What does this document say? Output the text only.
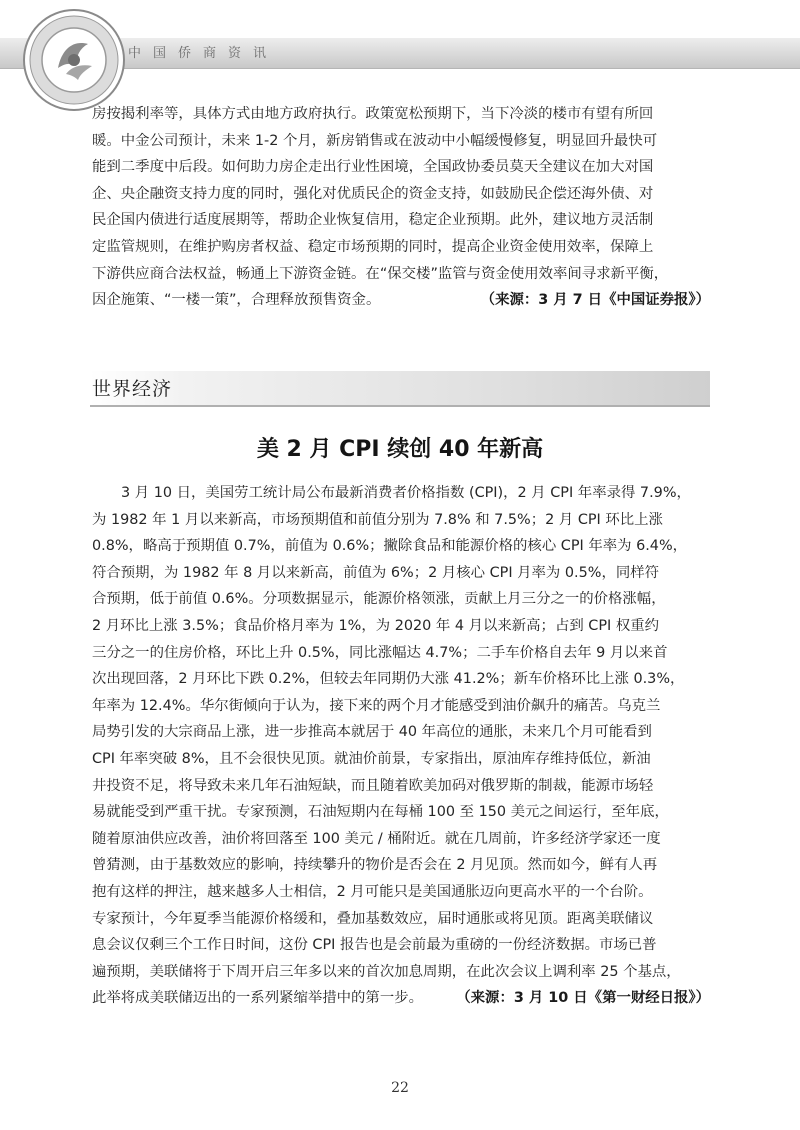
中国侨商资讯
房按揭利率等，具体方式由地方政府执行。政策宽松预期下，当下冷淡的楼市有望有所回
暖。中金公司预计，未来 1-2 个月，新房销售或在波动中小幅缓慢修复，明显回升最快可
能到二季度中后段。如何助力房企走出行业性困境，全国政协委员莫天全建议在加大对国
企、央企融资支持力度的同时，强化对优质民企的资金支持，如鼓励民企偿还海外债、对
民企国内债进行适度展期等，帮助企业恢复信用，稳定企业预期。此外，建议地方灵活制
定监管规则，在维护购房者权益、稳定市场预期的同时，提高企业资金使用效率，保障上
下游供应商合法权益，畅通上下游资金链。在“保交楼”监管与资金使用效率间寻求新平衡，
因企施策、“一楼一策”，合理释放预售资金。	（来源：3 月 7 日《中国证券报》）
世界经济
美 2 月 CPI 续创 40 年新高
3 月 10 日，美国劳工统计局公布最新消费者价格指数 (CPI)，2 月 CPI 年率录得 7.9%，
为 1982 年 1 月以来新高，市场预期值和前值分别为 7.8% 和 7.5%；2 月 CPI 环比上涨
0.8%，略高于预期值 0.7%，前值为 0.6%；撇除食品和能源价格的核心 CPI 年率为 6.4%，
符合预期，为 1982 年 8 月以来新高，前值为 6%；2 月核心 CPI 月率为 0.5%，同样符
合预期，低于前值 0.6%。分项数据显示，能源价格领涨，贡献上月三分之一的价格涨幅，
2 月环比上涨 3.5%；食品价格月率为 1%，为 2020 年 4 月以来新高；占到 CPI 权重约
三分之一的住房价格，环比上升 0.5%，同比涨幅达 4.7%；二手车价格自去年 9 月以来首
次出现回落，2 月环比下跌 0.2%，但较去年同期仍大涨 41.2%；新车价格环比上涨 0.3%，
年率为 12.4%。华尔街倾向于认为，接下来的两个月才能感受到油价飙升的痛苦。乌克兰
局势引发的大宗商品上涨，进一步推高本就居于 40 年高位的通胀，未来几个月可能看到
CPI 年率突破 8%，且不会很快见顶。就油价前景，专家指出，原油库存维持低位，新油
井投资不足，将导致未来几年石油短缺，而且随着欧美加码对俄罗斯的制裁，能源市场轻
易就能受到严重干扰。专家预测，石油短期内在每桶 100 至 150 美元之间运行，至年底，
随着原油供应改善，油价将回落至 100 美元 / 桶附近。就在几周前，许多经济学家还一度
曾猜测，由于基数效应的影响，持续攀升的物价是否会在 2 月见顶。然而如今，鲜有人再
抱有这样的押注，越来越多人士相信，2 月可能只是美国通胀迈向更高水平的一个台阶。
专家预计，今年夏季当能源价格缓和，叠加基数效应，届时通胀或将见顶。距离美联储议
息会议仅剩三个工作日时间，这份 CPI 报告也是会前最为重磅的一份经济数据。市场已普
遍预期，美联储将于下周开启三年多以来的首次加息周期，在此次会议上调利率 25 个基点，
此举将成美联储迈出的一系列紧缩举措中的第一步。 （来源：3 月 10 日《第一财经日报》）
22
